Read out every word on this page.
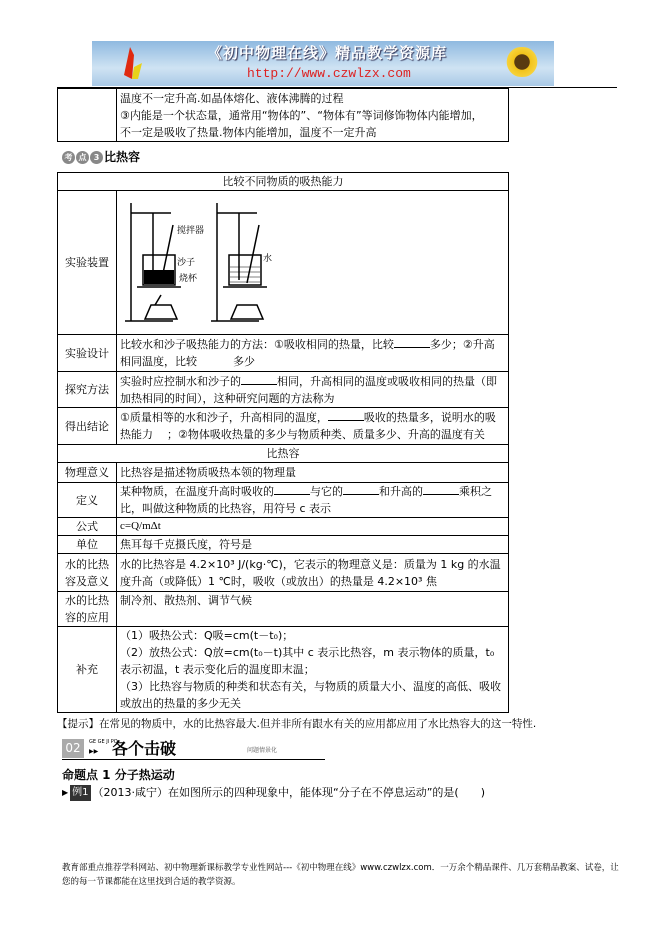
《初中物理在线》精品教学资源库
http://www.czwlzx.com

温度不一定升高.如晶体熔化、液体沸腾的过程
③内能是一个状态量，通常用“物体的”、“物体有”等词修饰物体内能增加，
不一定是吸收了热量.物体内能增加，温度不一定升高
考 点 3 比热容
比较不同物质的吸热能力	
实验装置	搅拌器
沙子
烧杯
水

实验设计	比较水和沙子吸热能力的方法：①吸收相同的热量，比较 多少；②升高相同温度，比较 多少
探究方法	实验时应控制水和沙子的 相同，升高相同的温度或吸收相同的热量（即加热相同的时间），这种研究问题的方法称为
得出结论	①质量相等的水和沙子，升高相同的温度， 吸收的热量多，说明水的吸热能力 ；②物体吸收热量的多少与物质种类、质量多少、升高的温度有关
比热容	
物理意义	比热容是描述物质吸热本领的物理量
定义	某种物质，在温度升高时吸收的 与它的 和升高的 乘积之比，叫做这种物质的比热容，用符号 c 表示
公式	c=Q/mΔt
单位	焦耳每千克摄氏度，符号是
水的比热容及意义	水的比热容是 4.2×10³ J/(kg·℃)，它表示的物理意义是：质量为 1 kg 的水温度升高（或降低）1 ℃时，吸收（或放出）的热量是 4.2×10³ 焦
水的比热容的应用	制冷剂、散热剂、调节气候
补充	（1）吸热公式：Q吸=cm(t－t₀)；
（2）放热公式：Q放=cm(t₀－t)其中 c 表示比热容，m 表示物体的质量，t₀表示初温，t 表示变化后的温度即末温；
（3）比热容与物质的种类和状态有关，与物质的质量大小、温度的高低、吸收或放出的热量的多少无关
【提示】在常见的物质中，水的比热容最大.但并非所有跟水有关的应用都应用了水比热容大的这一特性.
02	GE GE JI PO
▶▶ 各个击破	问题情景化
命题点 1 分子热运动
▶ 例1 （2013·咸宁）在如图所示的四种现象中，能体现“分子在不停息运动”的是(　　)
教育部重点推荐学科网站、初中物理新课标教学专业性网站---《初中物理在线》www.czwlzx.com．一万余个精品课件、几万套精品教案、试卷，让您的每一节课都能在这里找到合适的教学资源。
